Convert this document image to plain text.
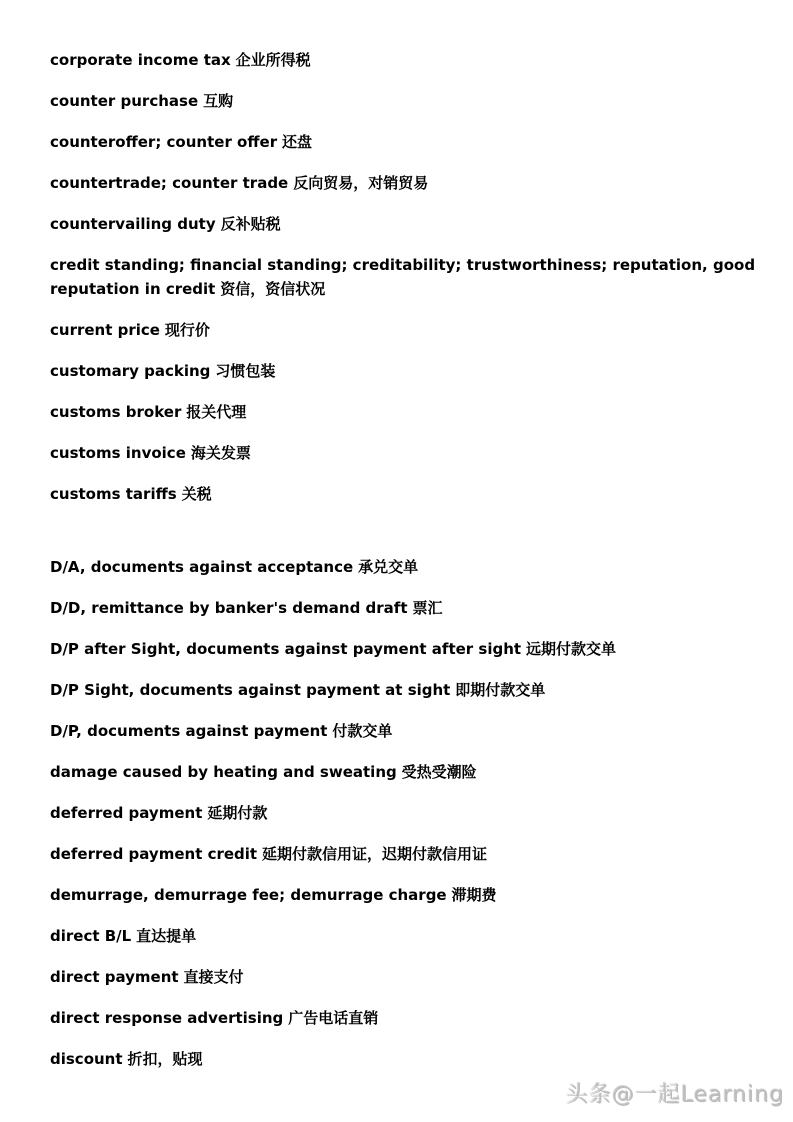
corporate income tax 企业所得税

counter purchase 互购

counteroffer; counter offer 还盘

countertrade; counter trade 反向贸易，对销贸易

countervailing duty 反补贴税

credit standing; financial standing; creditability; trustworthiness; reputation, good reputation in credit 资信，资信状况

current price 现行价

customary packing 习惯包装

customs broker 报关代理

customs invoice 海关发票

customs tariffs 关税

D/A, documents against acceptance 承兑交单

D/D, remittance by banker's demand draft 票汇

D/P after Sight, documents against payment after sight 远期付款交单

D/P Sight, documents against payment at sight 即期付款交单

D/P, documents against payment 付款交单

damage caused by heating and sweating 受热受潮险

deferred payment 延期付款

deferred payment credit 延期付款信用证，迟期付款信用证

demurrage, demurrage fee; demurrage charge 滞期费

direct B/L 直达提单

direct payment 直接支付

direct response advertising 广告电话直销

discount 折扣，贴现

头条@一起Learning
